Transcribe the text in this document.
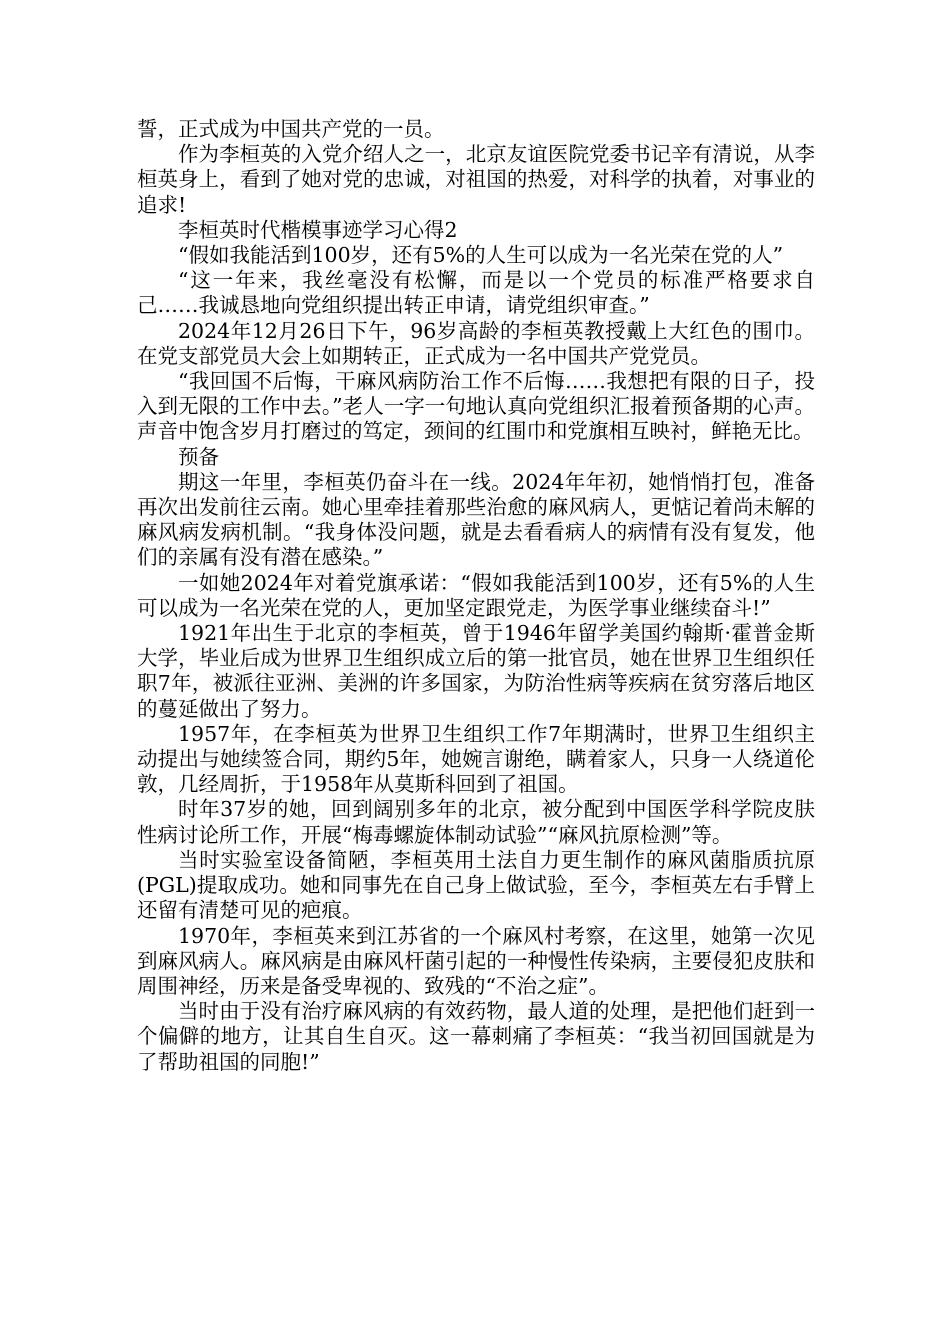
誓，正式成为中国共产党的一员。

作为李桓英的入党介绍人之一，北京友谊医院党委书记辛有清说，从李桓英身上，看到了她对党的忠诚，对祖国的热爱，对科学的执着，对事业的追求!

李桓英时代楷模事迹学习心得2

“假如我能活到100岁，还有5%的人生可以成为一名光荣在党的人”

“这一年来，我丝毫没有松懈，而是以一个党员的标准严格要求自己……我诚恳地向党组织提出转正申请，请党组织审查。”

2024年12月26日下午，96岁高龄的李桓英教授戴上大红色的围巾。在党支部党员大会上如期转正，正式成为一名中国共产党党员。

“我回国不后悔，干麻风病防治工作不后悔……我想把有限的日子，投入到无限的工作中去。”老人一字一句地认真向党组织汇报着预备期的心声。声音中饱含岁月打磨过的笃定，颈间的红围巾和党旗相互映衬，鲜艳无比。

预备

期这一年里，李桓英仍奋斗在一线。2024年年初，她悄悄打包，准备再次出发前往云南。她心里牵挂着那些治愈的麻风病人，更惦记着尚未解的麻风病发病机制。“我身体没问题，就是去看看病人的病情有没有复发，他们的亲属有没有潜在感染。”

一如她2024年对着党旗承诺：“假如我能活到100岁，还有5%的人生可以成为一名光荣在党的人，更加坚定跟党走，为医学事业继续奋斗!”

1921年出生于北京的李桓英，曾于1946年留学美国约翰斯·霍普金斯大学，毕业后成为世界卫生组织成立后的第一批官员，她在世界卫生组织任职7年，被派往亚洲、美洲的许多国家，为防治性病等疾病在贫穷落后地区的蔓延做出了努力。

1957年，在李桓英为世界卫生组织工作7年期满时，世界卫生组织主动提出与她续签合同，期约5年，她婉言谢绝，瞒着家人，只身一人绕道伦敦，几经周折，于1958年从莫斯科回到了祖国。

时年37岁的她，回到阔别多年的北京，被分配到中国医学科学院皮肤性病讨论所工作，开展“梅毒螺旋体制动试验”“麻风抗原检测”等。

当时实验室设备简陋，李桓英用土法自力更生制作的麻风菌脂质抗原(PGL)提取成功。她和同事先在自己身上做试验，至今，李桓英左右手臂上还留有清楚可见的疤痕。

1970年，李桓英来到江苏省的一个麻风村考察，在这里，她第一次见到麻风病人。麻风病是由麻风杆菌引起的一种慢性传染病，主要侵犯皮肤和周围神经，历来是备受卑视的、致残的“不治之症”。

当时由于没有治疗麻风病的有效药物，最人道的处理，是把他们赶到一个偏僻的地方，让其自生自灭。这一幕刺痛了李桓英：“我当初回国就是为了帮助祖国的同胞!”
